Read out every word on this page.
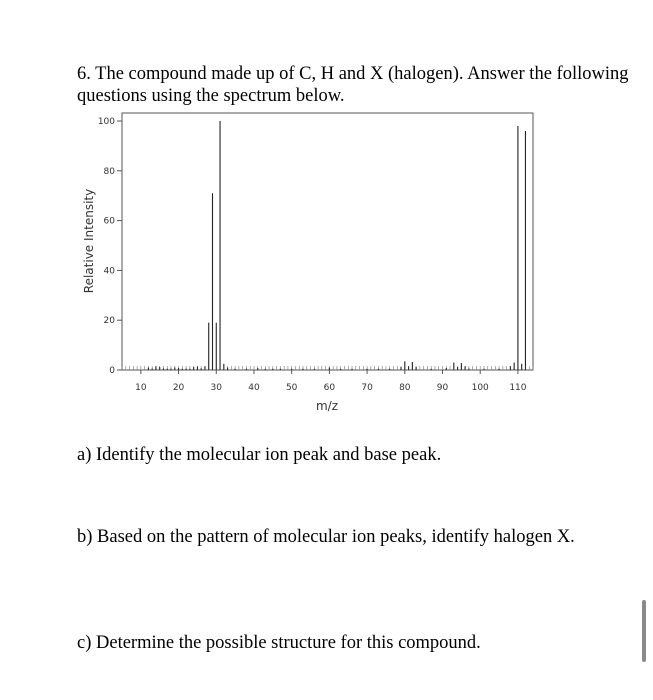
6. The compound made up of C, H and X (halogen). Answer the following questions using the spectrum below.

0
20
40
60
80
100
10	20	30	40	50	60	70	80	90	100 110
Relative Intensity
m/z

a) Identify the molecular ion peak and base peak.

b) Based on the pattern of molecular ion peaks, identify halogen X.

c) Determine the possible structure for this compound.
